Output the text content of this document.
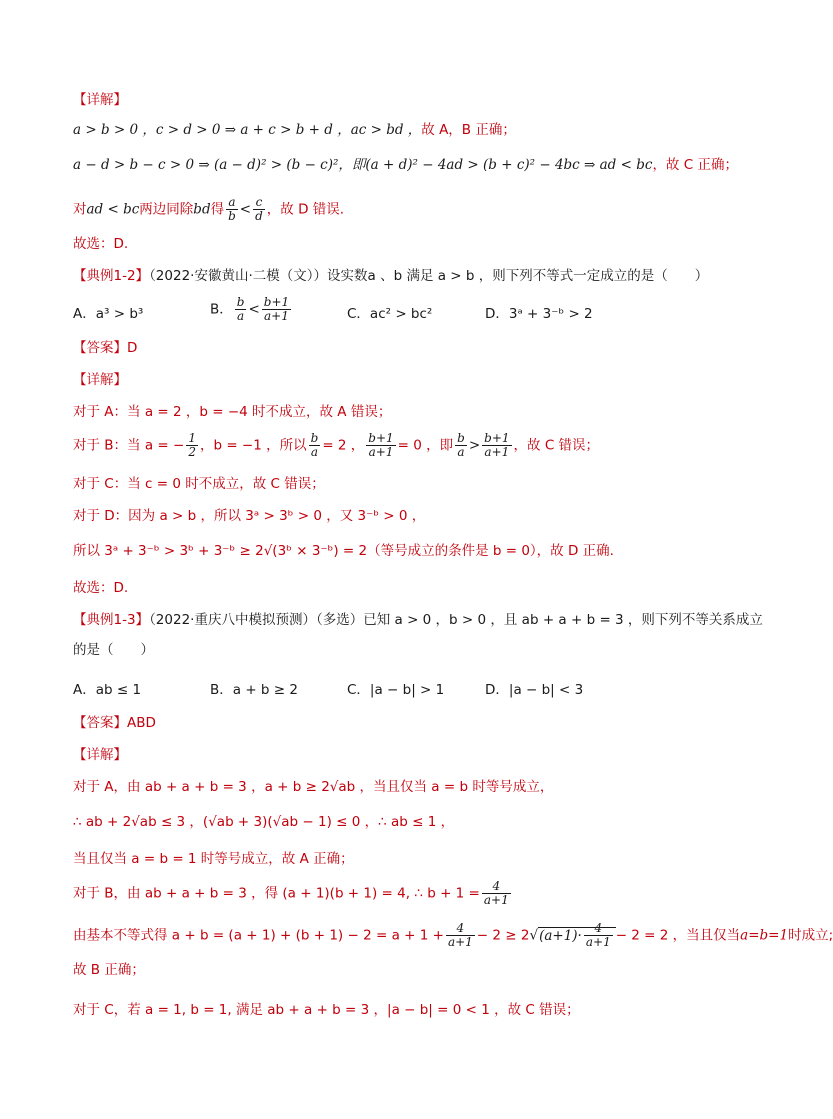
【详解】
a > b > 0 ，c > d > 0 ⇒ a + c > b + d ，ac > bd ，故 A，B 正确；
a − d > b − c > 0 ⇒ (a − d)² > (b − c)²，即(a + d)² − 4ad > (b + c)² − 4bc ⇒ ad < bc，故 C 正确；
对ad < bc两边同除bd得 $\frac{a}{b} < \frac{c}{d}$ ，故 D 错误.
故选：D.
【典例1-2】（2022·安徽黄山·二模（文））设实数a 、b 满足 a > b ，则下列不等式一定成立的是（　　）
A．a³ > b³	B． $\frac{b}{a} < \frac{b+1}{a+1}$	C．ac² > bc²	D．3ᵃ + 3⁻ᵇ > 2
【答案】D
【详解】
对于 A：当 a = 2 ，b = −4 时不成立，故 A 错误；
对于 B：当 a = − $\frac{1}{2}$ ，b = −1 ，所以 $\frac{b}{a} = 2$ ， $\frac{b+1}{a+1} = 0$ ，即 $\frac{b}{a} > \frac{b+1}{a+1}$ ，故 C 错误；
对于 C：当 c = 0 时不成立，故 C 错误；
对于 D：因为 a > b ，所以 3ᵃ > 3ᵇ > 0 ，又 3⁻ᵇ > 0 ，
所以 3ᵃ + 3⁻ᵇ > 3ᵇ + 3⁻ᵇ ≥ 2√(3ᵇ × 3⁻ᵇ) = 2（等号成立的条件是 b = 0），故 D 正确.
故选：D.
【典例1-3】（2022·重庆八中模拟预测）（多选）已知 a > 0 ，b > 0 ，且 ab + a + b = 3 ，则下列不等关系成立
的是（　　）
A．ab ≤ 1	B．a + b ≥ 2	C．|a − b| > 1	D．|a − b| < 3
【答案】ABD
【详解】
对于 A，由 ab + a + b = 3 ，a + b ≥ 2√ab ，当且仅当 a = b 时等号成立，
∴ ab + 2√ab ≤ 3 ，(√ab + 3)(√ab − 1) ≤ 0 ，∴ ab ≤ 1 ，
当且仅当 a = b = 1 时等号成立，故 A 正确；
对于 B，由 ab + a + b = 3 ，得 (a + 1)(b + 1) = 4, ∴ $b + 1 = \frac{4}{a+1}$
由基本不等式得 $a + b = (a + 1) + (b + 1) - 2 = a + 1 + \frac{4}{a+1} - 2 \ge 2√(a+1)\cdot \frac{4}{a+1} - 2 = 2$ ，当且仅当a=b=1时成立;
故 B 正确；
对于 C，若 a = 1, b = 1, 满足 ab + a + b = 3 ，|a − b| = 0 < 1 ，故 C 错误；
